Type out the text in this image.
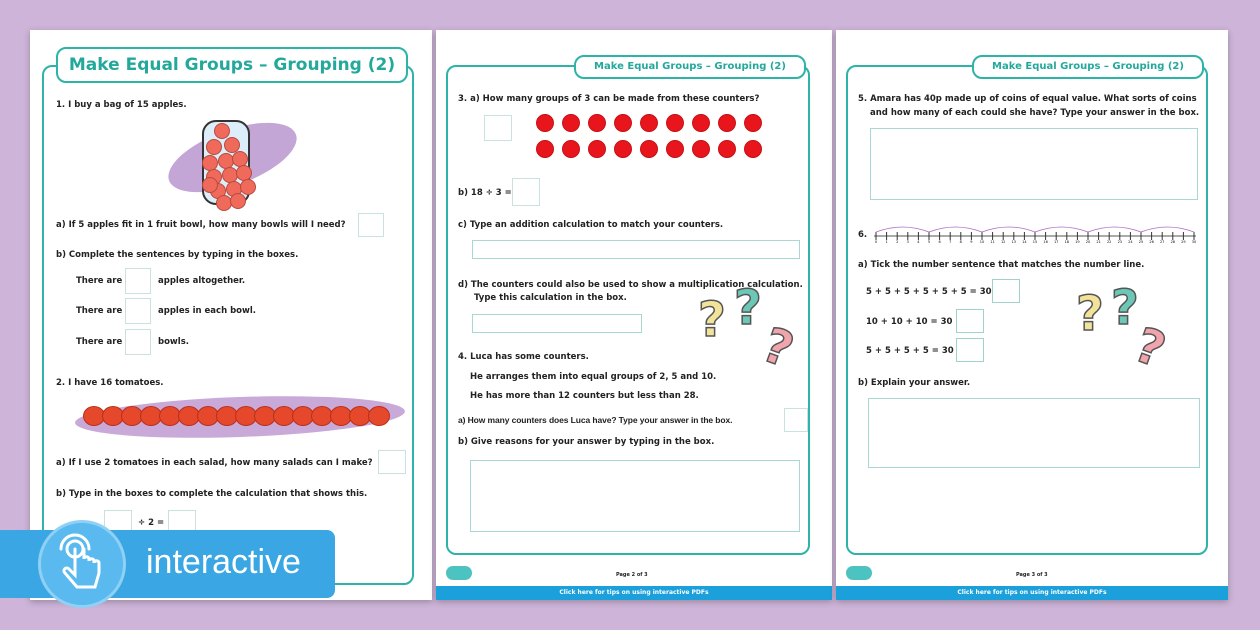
Make Equal Groups – Grouping (2)
1. I buy a bag of 15 apples.
a) If 5 apples fit in 1 fruit bowl, how many bowls will I need?
b) Complete the sentences by typing in the boxes.
There are	apples altogether.
There are	apples in each bowl.
There are	bowls.
2. I have 16 tomatoes.
a) If I use 2 tomatoes in each salad, how many salads can I make?
b) Type in the boxes to complete the calculation that shows this.
÷ 2 =
Make Equal Groups – Grouping (2)
3. a) How many groups of 3 can be made from these counters?
b) 18 ÷ 3 =
c) Type an addition calculation to match your counters.
d) The counters could also be used to show a multiplication calculation.
Type this calculation in the box. ? ?
?
4. Luca has some counters.
He arranges them into equal groups of 2, 5 and 10.
He has more than 12 counters but less than 28.
a) How many counters does Luca have? Type your answer in the box.
b) Give reasons for your answer by typing in the box.
Page 2 of 3
Click here for tips on using interactive PDFs
Make Equal Groups – Grouping (2)
5. Amara has 40p made up of coins of equal value. What sorts of coins
and how many of each could she have? Type your answer in the box.
6.
0 1 2 3 4 5 6 7 8 9 10 11 12 13 14 15 16 17 18 19 20 21 22 23 24 25 26 27 28 29 30
a) Tick the number sentence that matches the number line.
5 + 5 + 5 + 5 + 5 + 5 = 30
10 + 10 + 10 = 30
5 + 5 + 5 + 5 = 30
? ?
?
b) Explain your answer.
Page 3 of 3
Click here for tips on using interactive PDFs
interactive
